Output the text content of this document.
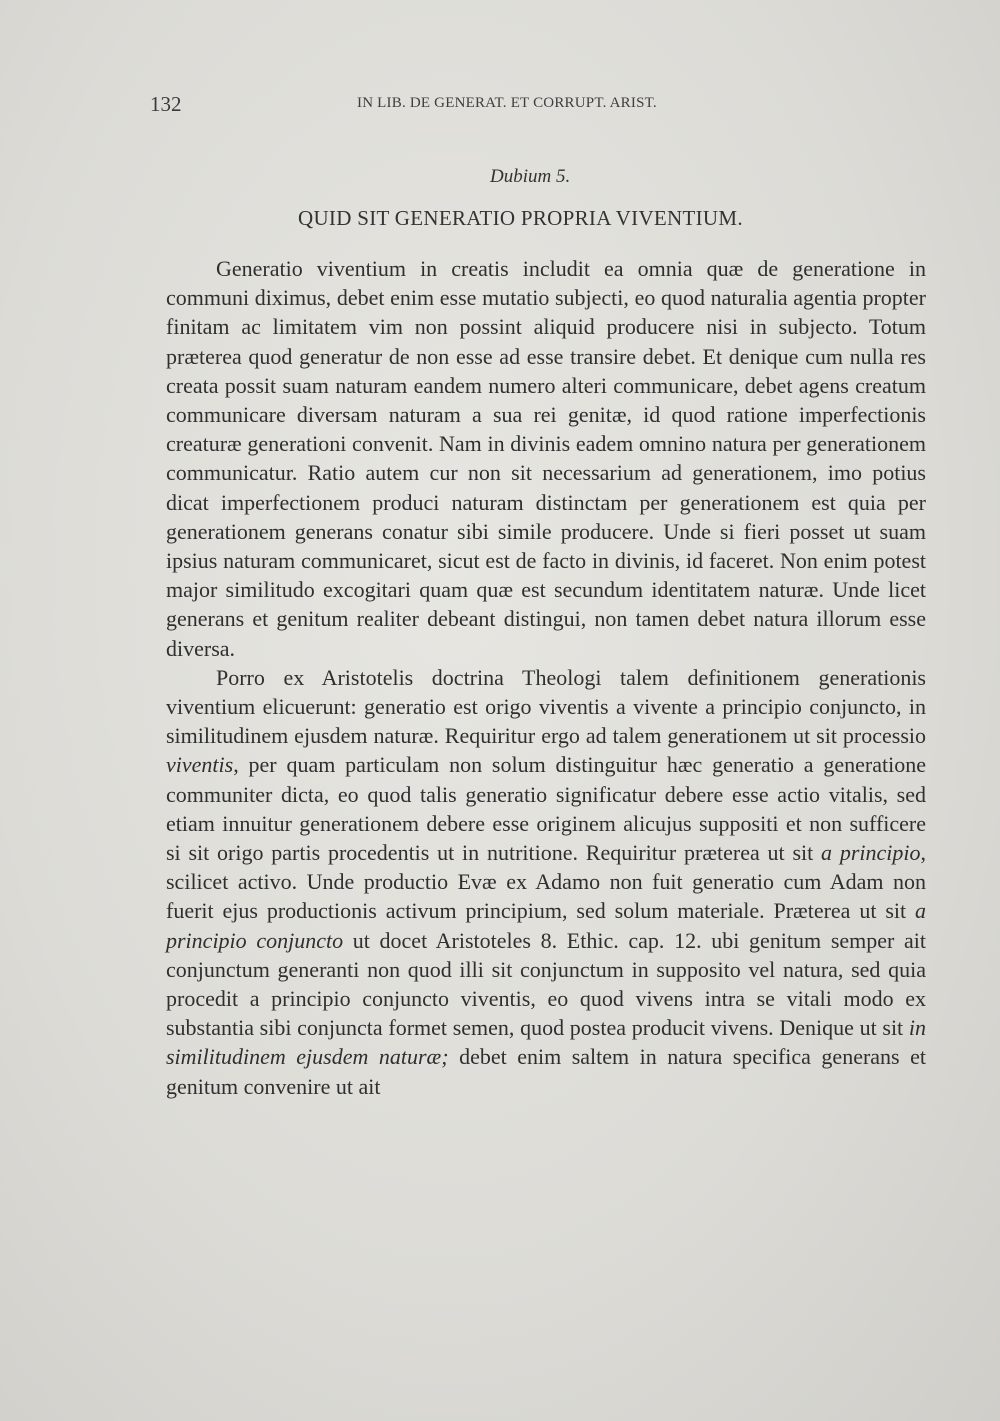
132	IN LIB. DE GENERAT. ET CORRUPT. ARIST.
Dubium 5.
QUID SIT GENERATIO PROPRIA VIVENTIUM.

Generatio viventium in creatis includit ea omnia quæ de generatione in communi diximus, debet enim esse mutatio subjecti, eo quod naturalia agentia propter finitam ac limitatem vim non possint aliquid producere nisi in subjecto. Totum præterea quod generatur de non esse ad esse transire debet. Et denique cum nulla res creata possit suam naturam eandem numero alteri communicare, debet agens creatum communicare diversam naturam a sua rei genitæ, id quod ratione imperfectionis creaturæ generationi convenit. Nam in divinis eadem omnino natura per generationem communicatur. Ratio autem cur non sit necessarium ad generationem, imo potius dicat imperfectionem produci naturam distinctam per generationem est quia per generationem generans conatur sibi simile producere. Unde si fieri posset ut suam ipsius naturam communicaret, sicut est de facto in divinis, id faceret. Non enim potest major similitudo excogitari quam quæ est secundum identitatem naturæ. Unde licet generans et genitum realiter debeant distingui, non tamen debet natura illorum esse diversa.

Porro ex Aristotelis doctrina Theologi talem definitionem generationis viventium elicuerunt: generatio est origo viventis a vivente a principio conjuncto, in similitudinem ejusdem naturæ. Requiritur ergo ad talem generationem ut sit processio viventis, per quam particulam non solum distinguitur hæc generatio a generatione communiter dicta, eo quod talis generatio significatur debere esse actio vitalis, sed etiam innuitur generationem debere esse originem alicujus suppositi et non sufficere si sit origo partis procedentis ut in nutritione. Requiritur præterea ut sit a principio, scilicet activo. Unde productio Evæ ex Adamo non fuit generatio cum Adam non fuerit ejus productionis activum principium, sed solum materiale. Præterea ut sit a principio conjuncto ut docet Aristoteles 8. Ethic. cap. 12. ubi genitum semper ait conjunctum generanti non quod illi sit conjunctum in supposito vel natura, sed quia procedit a principio conjuncto viventis, eo quod vivens intra se vitali modo ex substantia sibi conjuncta formet semen, quod postea producit vivens. Denique ut sit in similitudinem ejusdem naturæ; debet enim saltem in natura specifica generans et genitum convenire ut ait
